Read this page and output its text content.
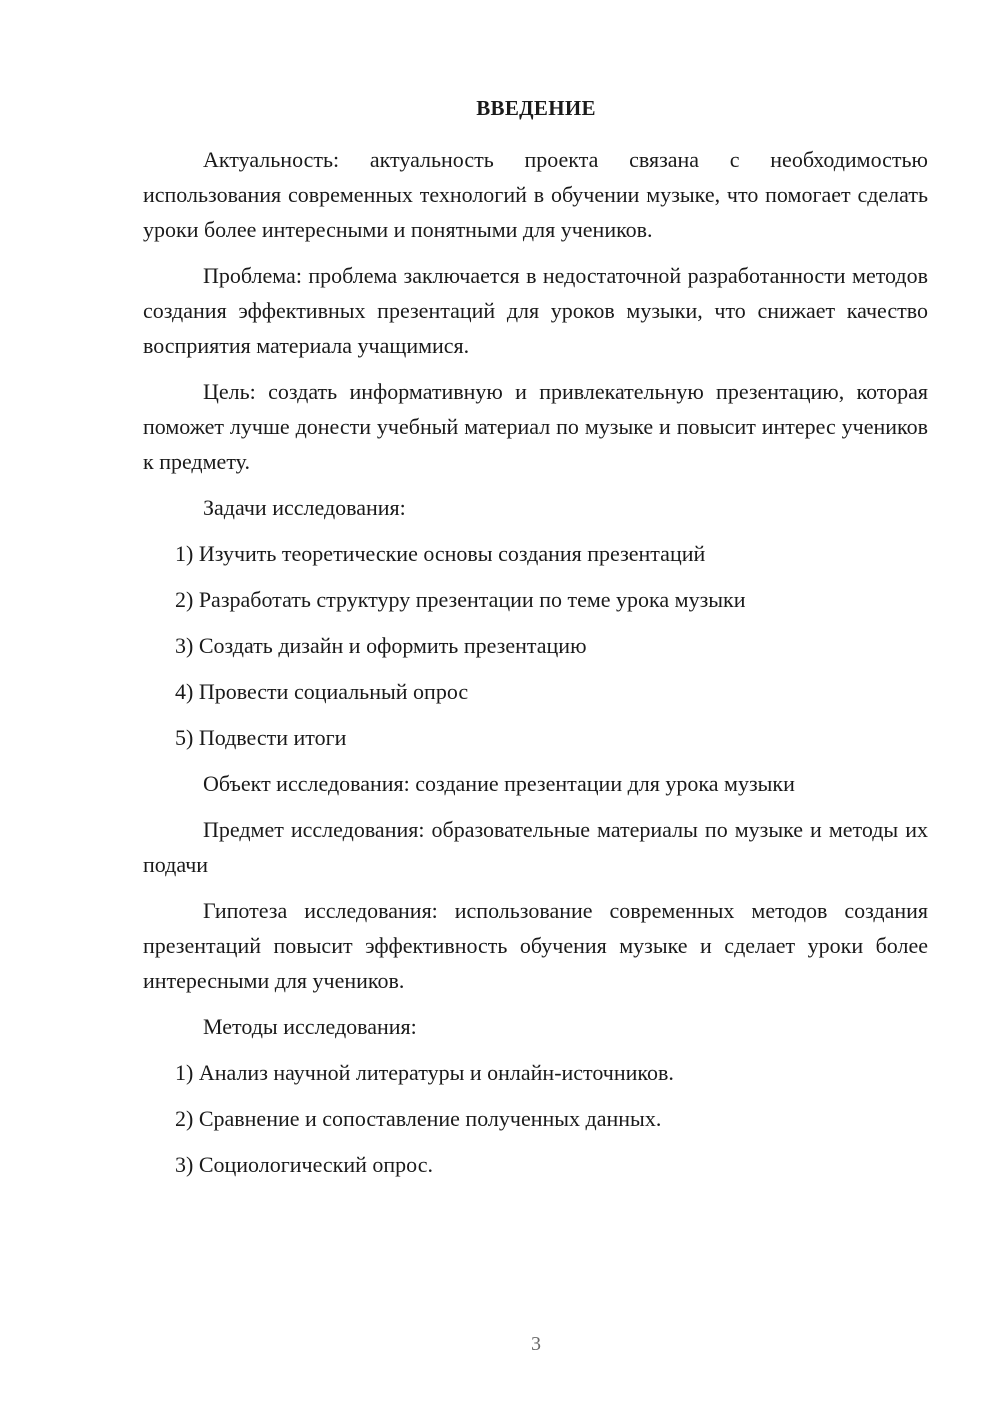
ВВЕДЕНИЕ

Актуальность: актуальность проекта связана с необходимостью использования современных технологий в обучении музыке, что помогает сделать уроки более интересными и понятными для учеников.

Проблема: проблема заключается в недостаточной разработанности методов создания эффективных презентаций для уроков музыки, что снижает качество восприятия материала учащимися.

Цель: создать информативную и привлекательную презентацию, которая поможет лучше донести учебный материал по музыке и повысит интерес учеников к предмету.

Задачи исследования:

1) Изучить теоретические основы создания презентаций

2) Разработать структуру презентации по теме урока музыки

3) Создать дизайн и оформить презентацию

4) Провести социальный опрос

5) Подвести итоги

Объект исследования: создание презентации для урока музыки

Предмет исследования: образовательные материалы по музыке и методы их подачи

Гипотеза исследования: использование современных методов создания презентаций повысит эффективность обучения музыке и сделает уроки более интересными для учеников.

Методы исследования:

1) Анализ научной литературы и онлайн-источников.

2) Сравнение и сопоставление полученных данных.

3) Социологический опрос.

3
